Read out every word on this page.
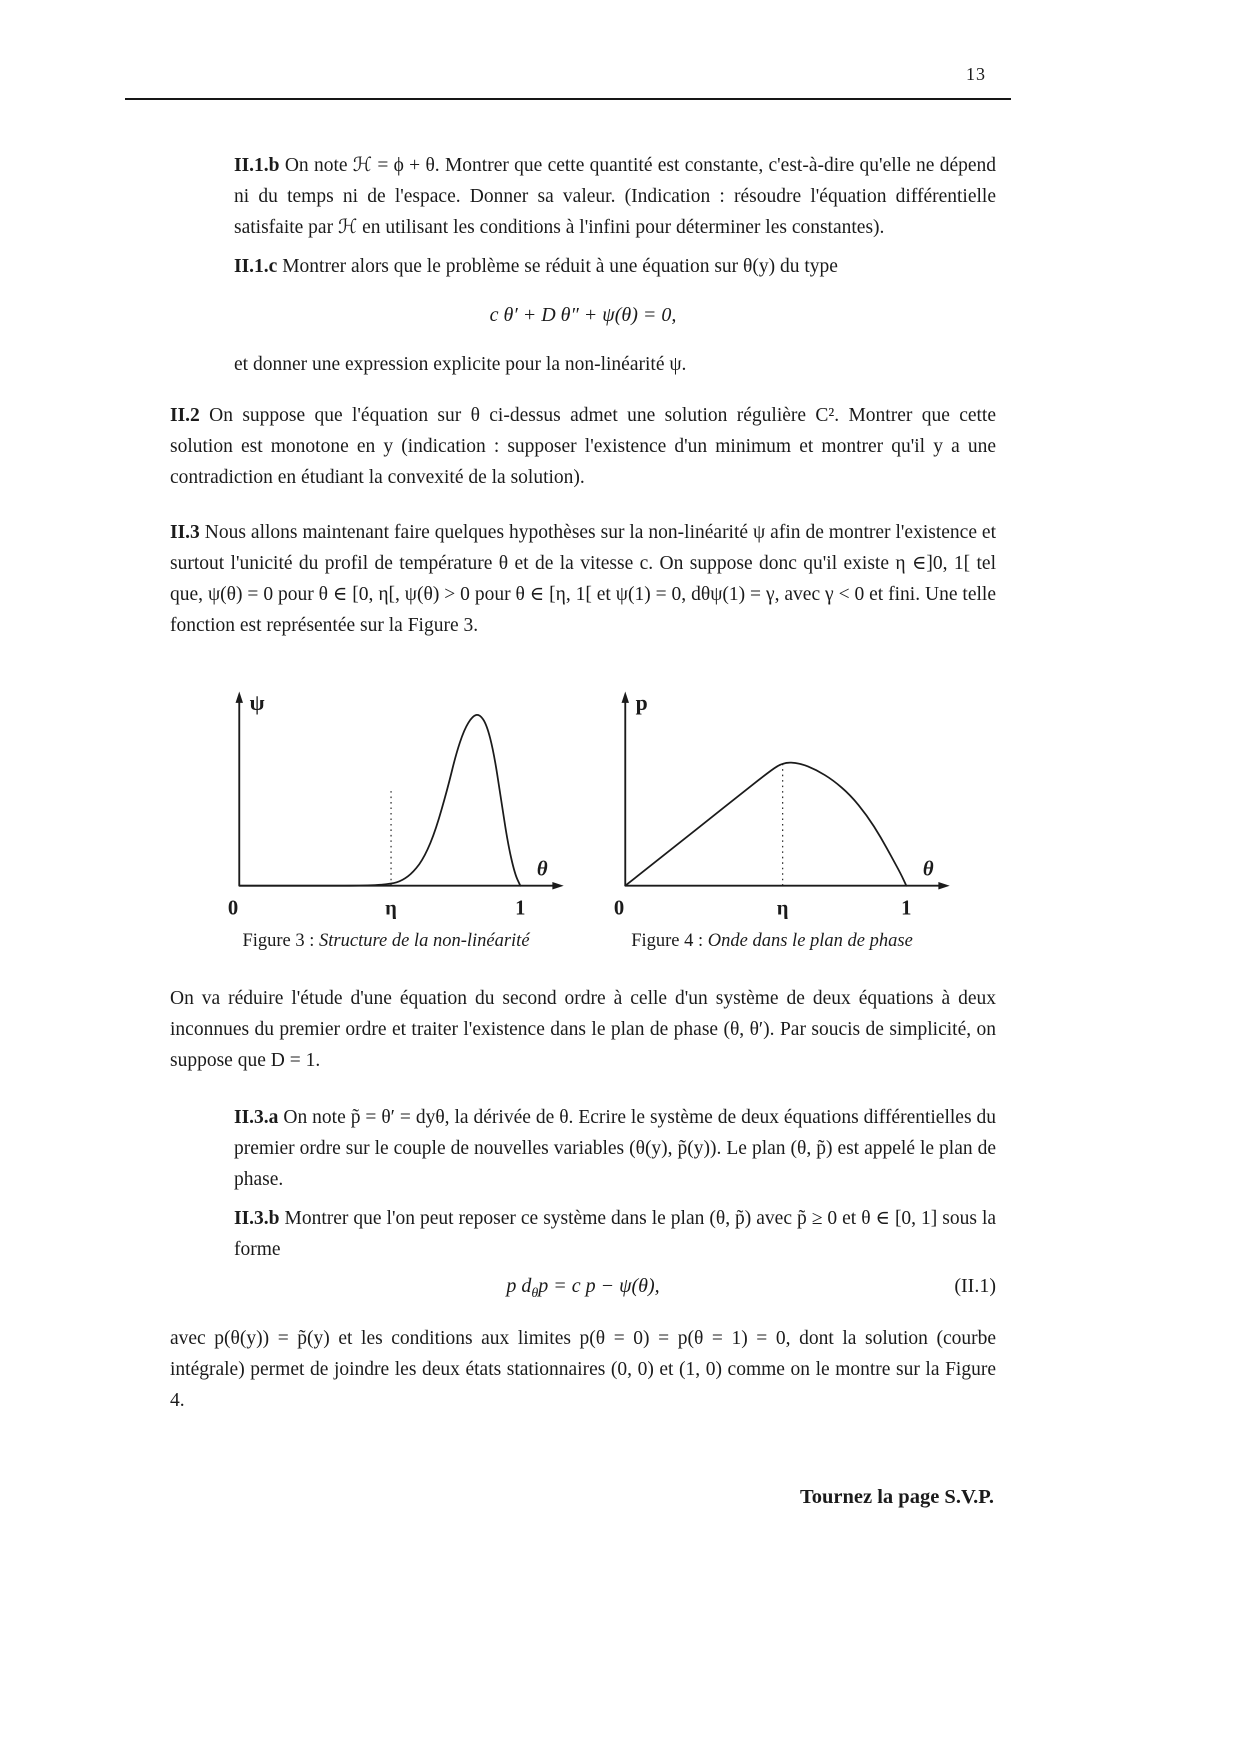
13

II.1.b On note ℋ = ϕ + θ. Montrer que cette quantité est constante, c'est-à-dire qu'elle ne dépend ni du temps ni de l'espace. Donner sa valeur. (Indication : résoudre l'équation différentielle satisfaite par ℋ en utilisant les conditions à l'infini pour déterminer les constantes).

II.1.c Montrer alors que le problème se réduit à une équation sur θ(y) du type

c θ′ + D θ″ + ψ(θ) = 0,

et donner une expression explicite pour la non-linéarité ψ.

II.2 On suppose que l'équation sur θ ci-dessus admet une solution régulière C². Montrer que cette solution est monotone en y (indication : supposer l'existence d'un minimum et montrer qu'il y a une contradiction en étudiant la convexité de la solution).

II.3 Nous allons maintenant faire quelques hypothèses sur la non-linéarité ψ afin de montrer l'existence et surtout l'unicité du profil de température θ et de la vitesse c. On suppose donc qu'il existe η ∈]0, 1[ tel que, ψ(θ) = 0 pour θ ∈ [0, η[, ψ(θ) > 0 pour θ ∈ [η, 1[ et ψ(1) = 0, dθψ(1) = γ, avec γ < 0 et fini. Une telle fonction est représentée sur la Figure 3.

ψ
θ
0	η	1
Figure 3 : Structure de la non-linéarité
p
θ
0	η	1
Figure 4 : Onde dans le plan de phase

On va réduire l'étude d'une équation du second ordre à celle d'un système de deux équations à deux inconnues du premier ordre et traiter l'existence dans le plan de phase (θ, θ′). Par soucis de simplicité, on suppose que D = 1.

II.3.a On note p̃ = θ′ = dyθ, la dérivée de θ. Ecrire le système de deux équations différentielles du premier ordre sur le couple de nouvelles variables (θ(y), p̃(y)). Le plan (θ, p̃) est appelé le plan de phase.

II.3.b Montrer que l'on peut reposer ce système dans le plan (θ, p̃) avec p̃ ≥ 0 et θ ∈ [0, 1] sous la forme

p $d_\theta p = c$ p − ψ(θ),	(II.1)

avec p(θ(y)) = p̃(y) et les conditions aux limites p(θ = 0) = p(θ = 1) = 0, dont la solution (courbe intégrale) permet de joindre les deux états stationnaires (0, 0) et (1, 0) comme on le montre sur la Figure 4.

Tournez la page S.V.P.
